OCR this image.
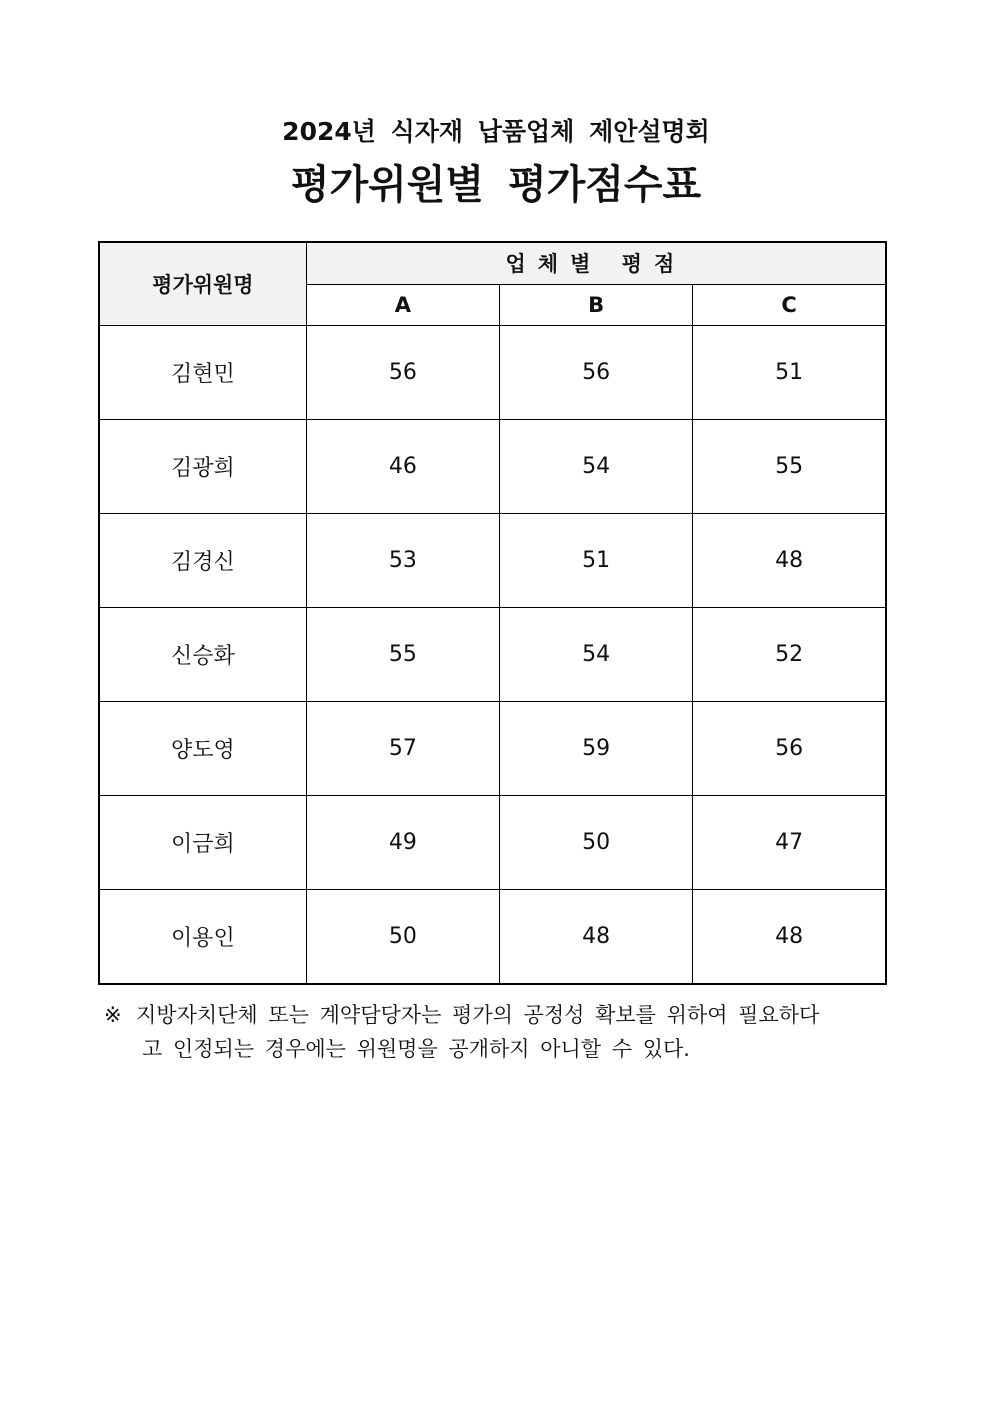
2024년 식자재 납품업체 제안설명회
평가위원별 평가점수표
평가위원명	업체별 평점		
	A	B	C
김현민	56	56	51
김광희	46	54	55
김경신	53	51	48
신승화	55	54	52
양도영	57	59	56
이금희	49	50	47
이용인	50	48	48
※ 지방자치단체 또는 계약담당자는 평가의 공정성 확보를 위하여 필요하다
고 인정되는 경우에는 위원명을 공개하지 아니할 수 있다.
